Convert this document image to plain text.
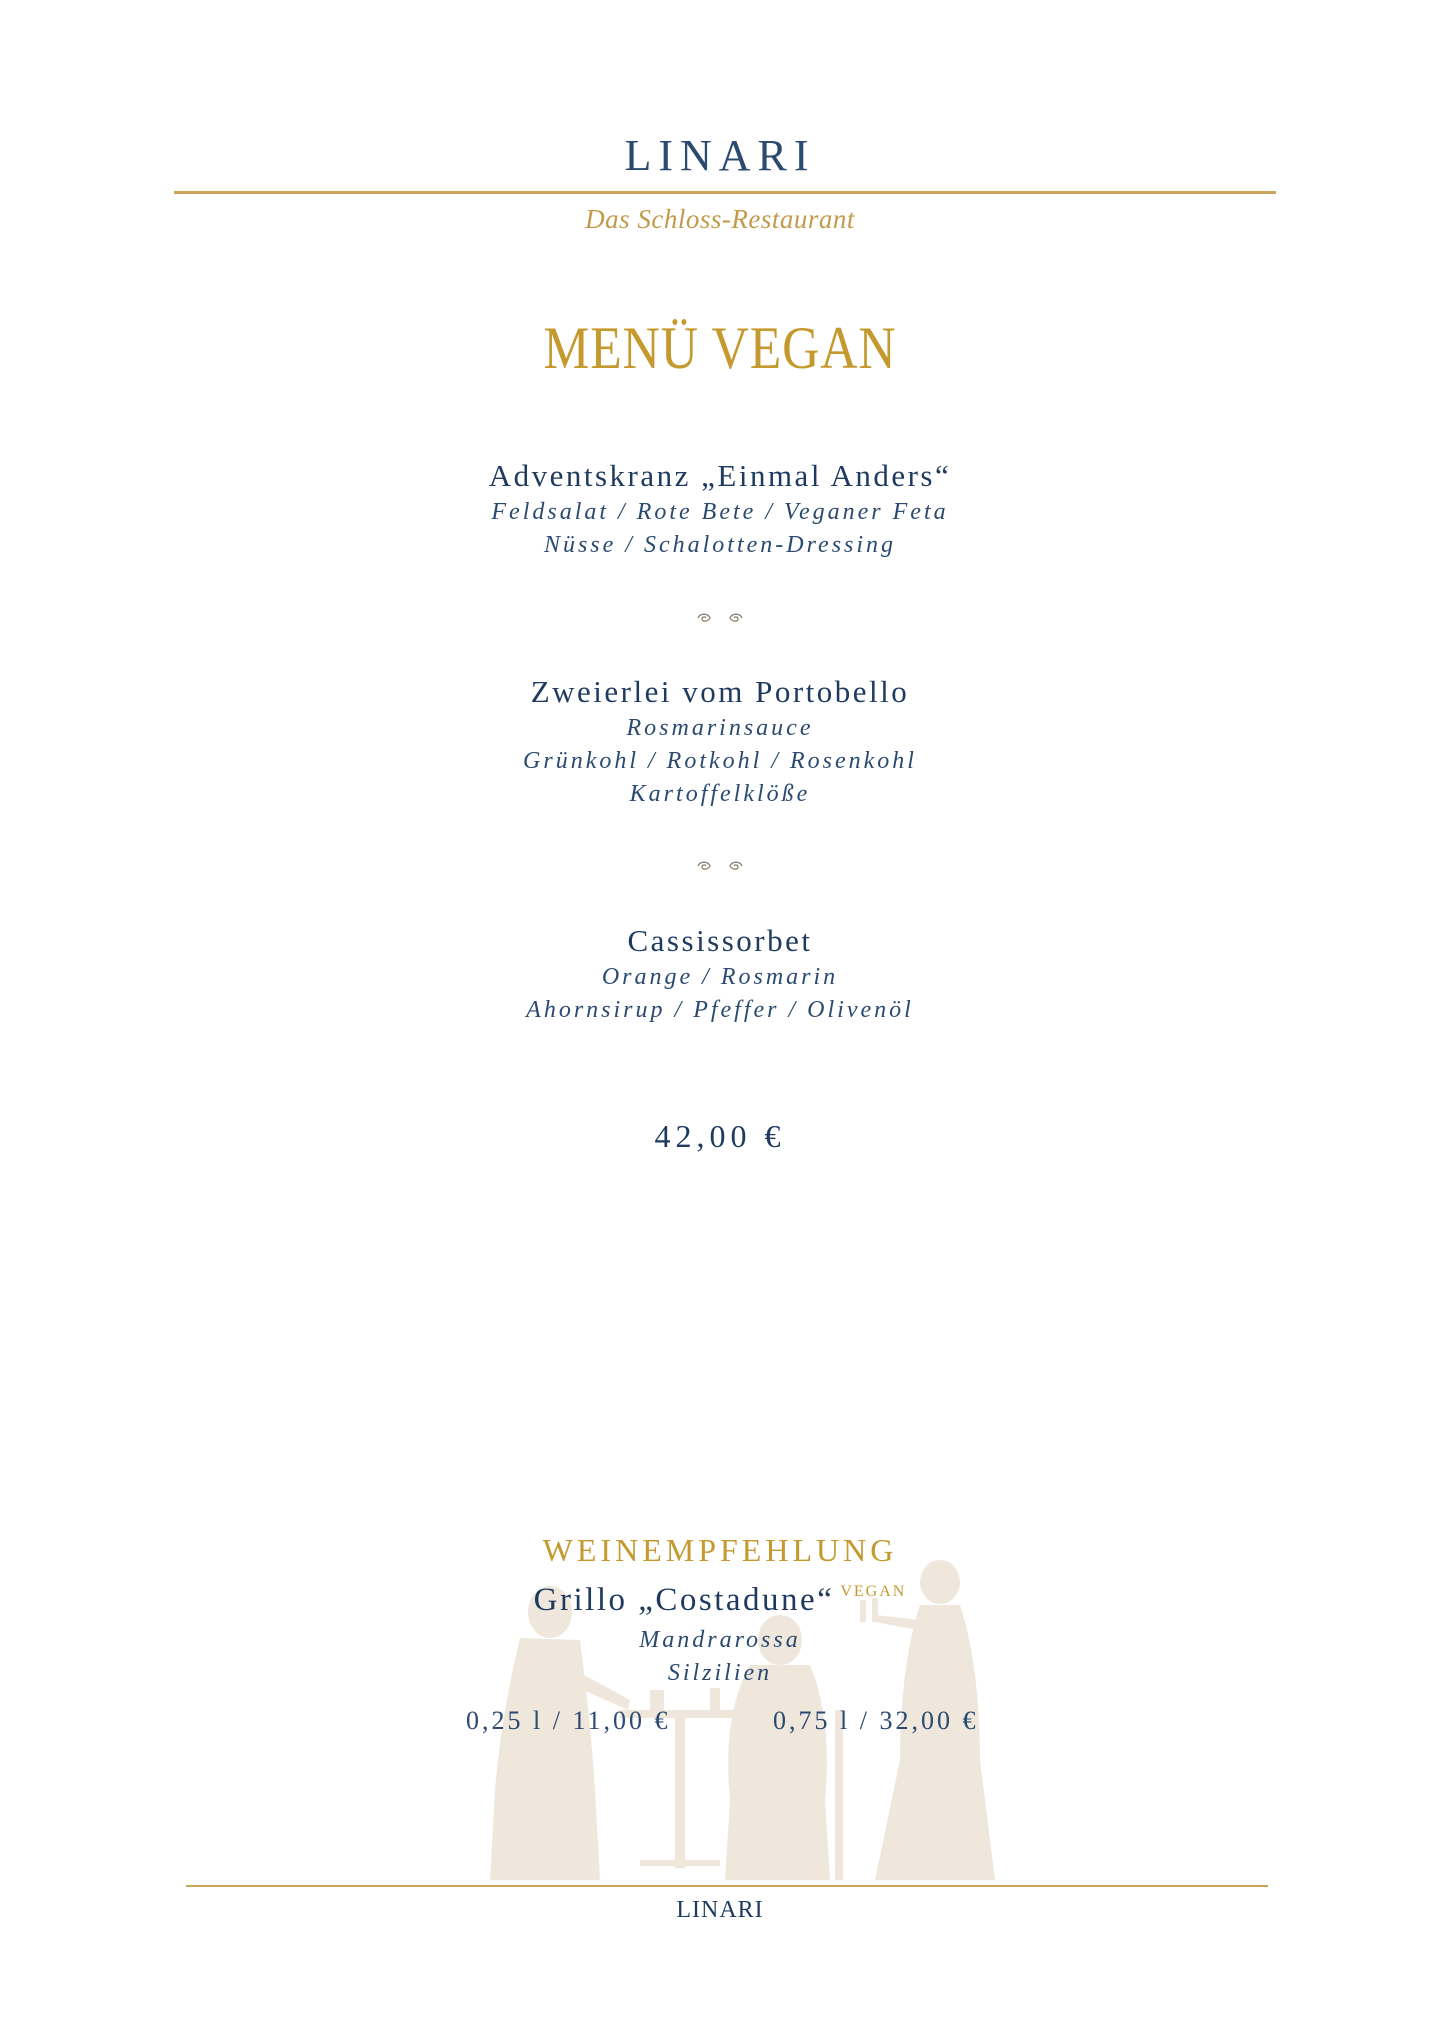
LINARI
Das Schloss-Restaurant
MENÜ VEGAN
Adventskranz „Einmal Anders“
Feldsalat / Rote Bete / Veganer Feta
Nüsse / Schalotten-Dressing
Zweierlei vom Portobello
Rosmarinsauce
Grünkohl / Rotkohl / Rosenkohl
Kartoffelklöße
Cassissorbet
Orange / Rosmarin
Ahornsirup / Pfeffer / Olivenöl
42,00 €
WEINEMPFEHLUNG
Grillo „Costadune“ $^{VEGAN}$
Mandrarossa
Silzilien
0,25 l / 11,00 €	0,75 l / 32,00 €
LINARI
